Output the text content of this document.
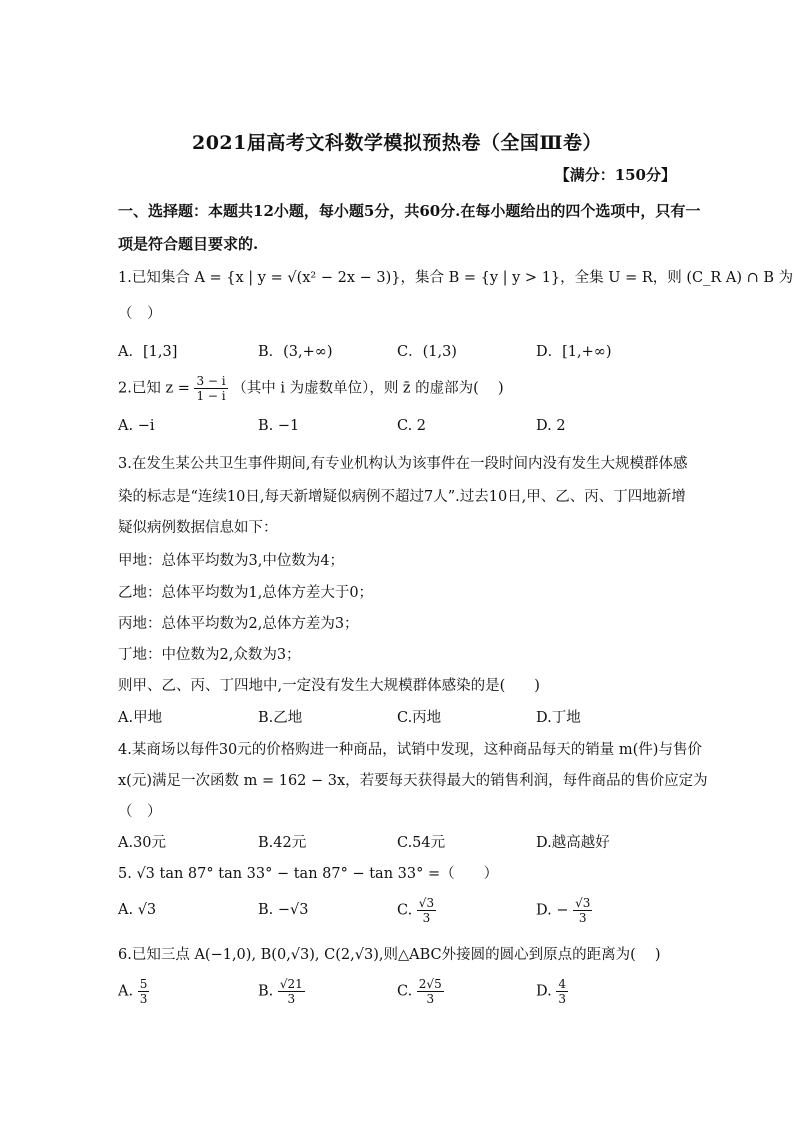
2021届高考文科数学模拟预热卷（全国Ⅲ卷）
【满分：150分】
一、选择题：本题共12小题，每小题5分，共60分.在每小题给出的四个选项中，只有一
项是符合题目要求的.
1.已知集合 A = {x | y = √(x² − 2x − 3)}，集合 B = {y | y > 1}，全集 U = R，则 (C_R A) ∩ B 为
（　）
A．[1,3]	B．(3,+∞)	C．(1,3)	D．[1,+∞)
2.已知 $z = \frac{3 - i}{1 - i}$ （其中 i 为虚数单位），则 z̄ 的虚部为(　 )
A. −i	B. −1	C. 2	D. 2
3.在发生某公共卫生事件期间,有专业机构认为该事件在一段时间内没有发生大规模群体感
染的标志是“连续10日,每天新增疑似病例不超过7人”.过去10日,甲、乙、丙、丁四地新增
疑似病例数据信息如下：
甲地：总体平均数为3,中位数为4；
乙地：总体平均数为1,总体方差大于0；
丙地：总体平均数为2,总体方差为3；
丁地：中位数为2,众数为3；
则甲、乙、丙、丁四地中,一定没有发生大规模群体感染的是(　　)
A.甲地	B.乙地	C.丙地	D.丁地
4.某商场以每件30元的价格购进一种商品，试销中发现，这种商品每天的销量 m(件)与售价
x(元)满足一次函数 m = 162 − 3x，若要每天获得最大的销售利润，每件商品的售价应定为
（　）
A.30元	B.42元	C.54元	D.越高越好
5. √3 tan 87° tan 33° − tan 87° − tan 33° =（　　）
A. √3	B. −√3	C. $\frac{√3}{3}$	D. − $\frac{√3}{3}$
6.已知三点 A(−1,0), B(0,√3), C(2,√3),则△ABC外接圆的圆心到原点的距离为(　 )
A. $\frac{5}{3}$	B. $\frac{√21}{3}$	C. $\frac{2√5}{3}$	D. $\frac{4}{3}$
